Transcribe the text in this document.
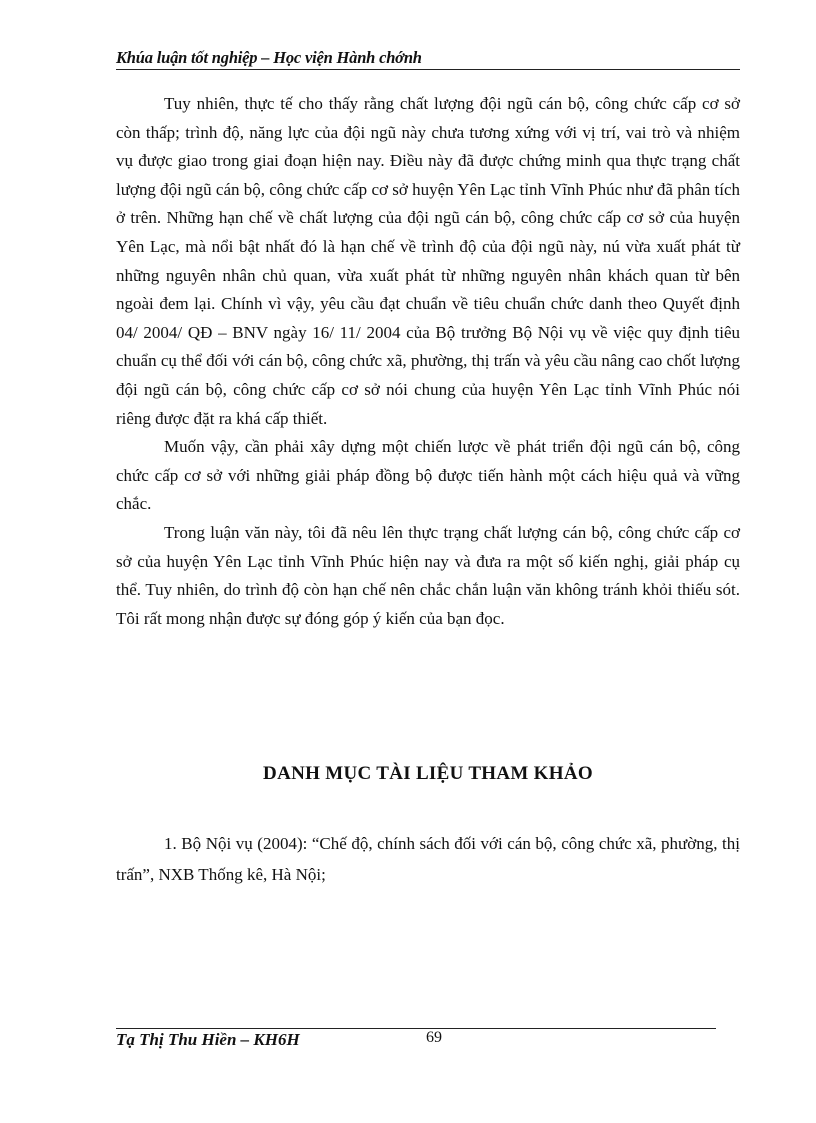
Khúa luận tốt nghiệp – Học viện Hành chớnh

Tuy nhiên, thực tế cho thấy rằng chất lượng đội ngũ cán bộ, công chức cấp cơ sở còn thấp; trình độ, năng lực của đội ngũ này chưa tương xứng với vị trí, vai trò và nhiệm vụ được giao trong giai đoạn hiện nay. Điều này đã được chứng minh qua thực trạng chất lượng đội ngũ cán bộ, công chức cấp cơ sở huyện Yên Lạc tỉnh Vĩnh Phúc như đã phân tích ở trên. Những hạn chế về chất lượng của đội ngũ cán bộ, công chức cấp cơ sở của huyện Yên Lạc, mà nổi bật nhất đó là hạn chế về trình độ của đội ngũ này, nú vừa xuất phát từ những nguyên nhân chủ quan, vừa xuất phát từ những nguyên nhân khách quan từ bên ngoài đem lại. Chính vì vậy, yêu cầu đạt chuẩn về tiêu chuẩn chức danh theo Quyết định 04/ 2004/ QĐ – BNV ngày 16/ 11/ 2004 của Bộ trưởng Bộ Nội vụ về việc quy định tiêu chuẩn cụ thể đối với cán bộ, công chức xã, phường, thị trấn và yêu cầu nâng cao chốt lượng đội ngũ cán bộ, công chức cấp cơ sở nói chung của huyện Yên Lạc tỉnh Vĩnh Phúc nói riêng được đặt ra khá cấp thiết.

Muốn vậy, cần phải xây dựng một chiến lược về phát triển đội ngũ cán bộ, công chức cấp cơ sở với những giải pháp đồng bộ được tiến hành một cách hiệu quả và vững chắc.

Trong luận văn này, tôi đã nêu lên thực trạng chất lượng cán bộ, công chức cấp cơ sở của huyện Yên Lạc tỉnh Vĩnh Phúc hiện nay và đưa ra một số kiến nghị, giải pháp cụ thể. Tuy nhiên, do trình độ còn hạn chế nên chắc chắn luận văn không tránh khỏi thiếu sót. Tôi rất mong nhận được sự đóng góp ý kiến của bạn đọc.

DANH MỤC TÀI LIỆU THAM KHẢO

1. Bộ Nội vụ (2004): “Chế độ, chính sách đối với cán bộ, công chức xã, phường, thị trấn”, NXB Thống kê, Hà Nội;

Tạ Thị Thu Hiền – KH6H	69
